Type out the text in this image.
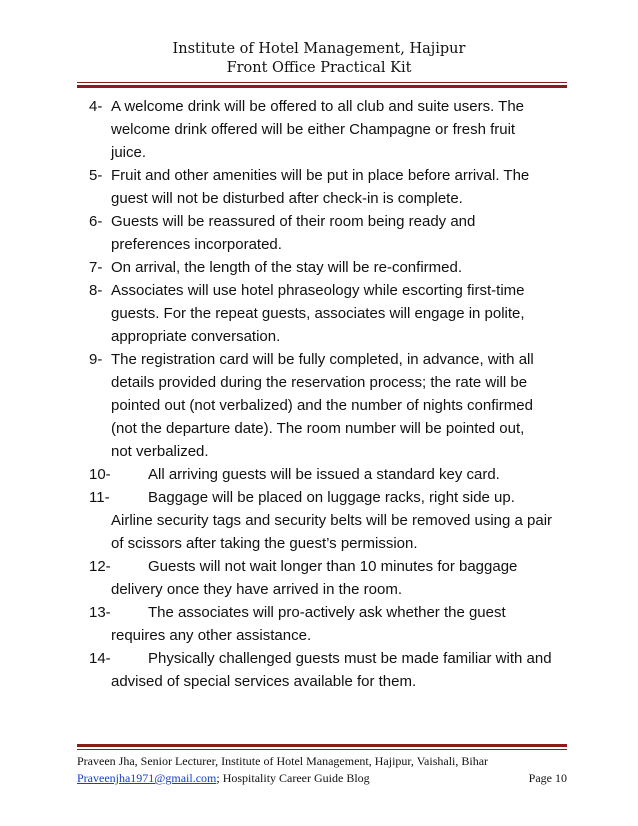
Institute of Hotel Management, Hajipur
Front Office Practical Kit
4- A welcome drink will be offered to all club and suite users. The
welcome drink offered will be either Champagne or fresh fruit
juice.
5- Fruit and other amenities will be put in place before arrival. The
guest will not be disturbed after check-in is complete.
6- Guests will be reassured of their room being ready and
preferences incorporated.
7- On arrival, the length of the stay will be re-confirmed.
8- Associates will use hotel phraseology while escorting first-time
guests. For the repeat guests, associates will engage in polite,
appropriate conversation.
9- The registration card will be fully completed, in advance, with all
details provided during the reservation process; the rate will be
pointed out (not verbalized) and the number of nights confirmed
(not the departure date). The room number will be pointed out,
not verbalized.
10-	All arriving guests will be issued a standard key card.
11-	Baggage will be placed on luggage racks, right side up.
Airline security tags and security belts will be removed using a pair
of scissors after taking the guest’s permission.
12-	Guests will not wait longer than 10 minutes for baggage
delivery once they have arrived in the room.
13-	The associates will pro-actively ask whether the guest
requires any other assistance.
14-	Physically challenged guests must be made familiar with and
advised of special services available for them.
Praveen Jha, Senior Lecturer, Institute of Hotel Management, Hajipur, Vaishali, Bihar
Praveenjha1971@gmail.com; Hospitality Career Guide Blog	Page 10
